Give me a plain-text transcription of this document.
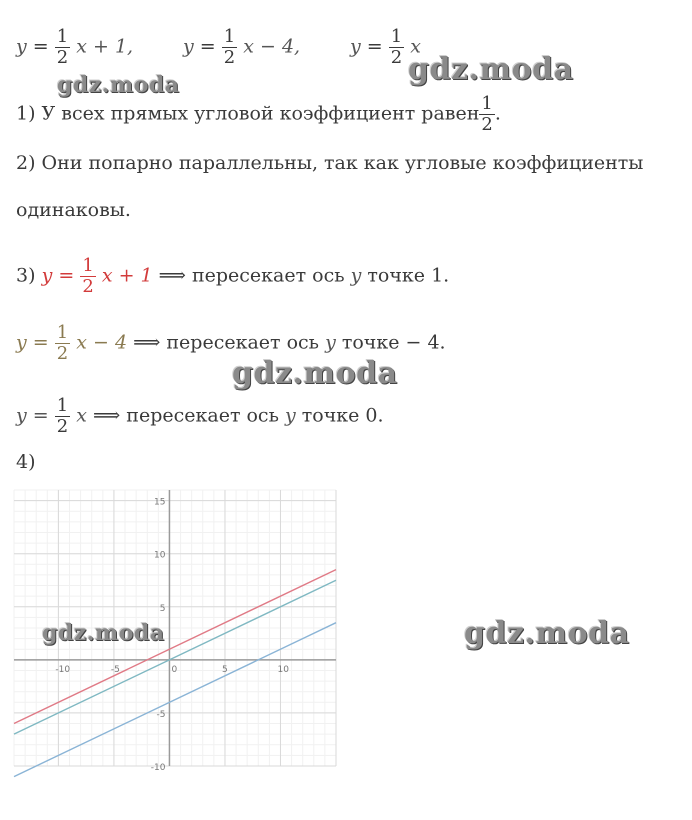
$y = \frac{1}{2}$ x + 1,	$y = \frac{1}{2}$ x − 4,	$y = \frac{1}{2}$ x
1) У всех прямых угловой коэффициент равен $\frac{1}{2}$ .
2) Они попарно параллельны, так как угловые коэффициенты
одинаковы.
3) $y = \frac{1}{2}$ x + 1 ⟹ пересекает ось y точке 1.
$y = \frac{1}{2}$ x − 4 ⟹ пересекает ось y точке − 4.
$y = \frac{1}{2}$ x ⟹ пересекает ось y точке 0.
4)
-10	-5	0	5	10
15
10
5
-5
-10
gdz.moda	gdz.moda
gdz.moda
gdz.moda	gdz.moda
